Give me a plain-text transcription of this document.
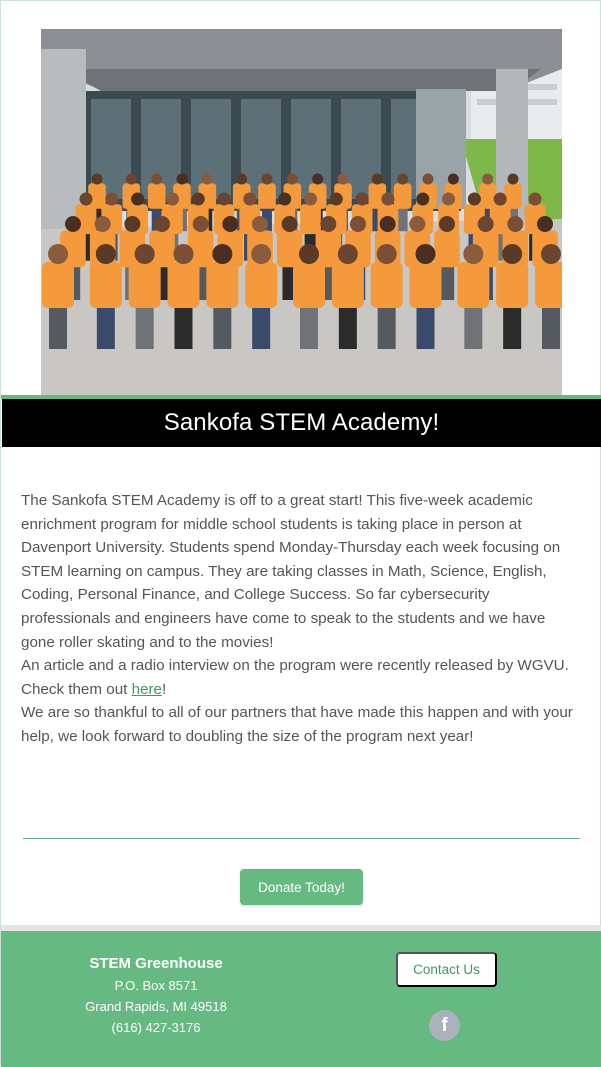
Sankofa STEM Academy!

The Sankofa STEM Academy is off to a great start! This five-week academic enrichment program for middle school students is taking place in person at Davenport University. Students spend Monday-Thursday each week focusing on STEM learning on campus. They are taking classes in Math, Science, English, Coding, Personal Finance, and College Success. So far cybersecurity professionals and engineers have come to speak to the students and we have gone roller skating and to the movies!

An article and a radio interview on the program were recently released by WGVU. Check them out here!

We are so thankful to all of our partners that have made this happen and with your help, we look forward to doubling the size of the program next year!

Donate Today!
STEM Greenhouse
P.O. Box 8571
Grand Rapids, MI 49518
(616) 427-3176
Contact Us
f
